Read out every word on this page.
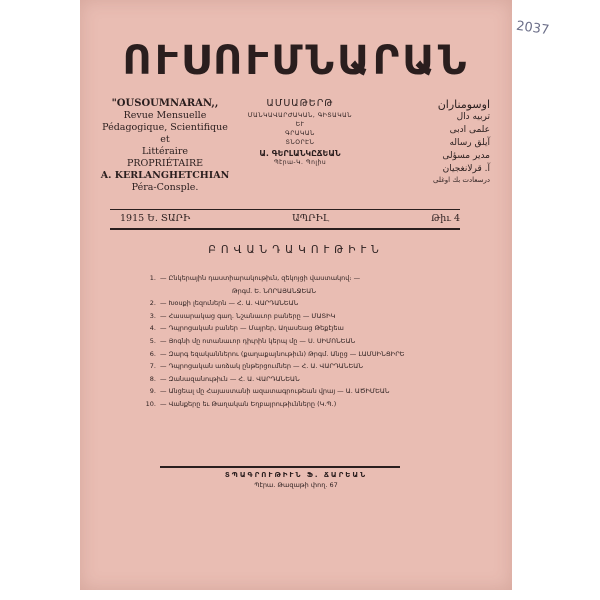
2037
ՈՒՍՈՒՄՆԱՐԱՆ
"OUSOUMNARAN,,
Revue Mensuelle
Pédagogique, Scientifique
et
Littéraire
PROPRIÉTAIRE
A. KERLANGHETCHIAN
Péra-Consple.
ԱՄՍԱԹԵՐԹ
ՄԱՆԿԱՎԱՐԺԱԿԱՆ, ԳԻՏԱԿԱՆ
ԵՒ
ԳՐԱԿԱՆ
ՏՆՕՐԷՆ
Ա. ԳԵՐԼԱՆԿԸՃԵԱՆ
Պէրա-Կ. Պոլիս
اوسومناران
تربیه دال
علمی ادبی
آیلق رساله
مدیر مسؤلی
آ. قرلانغجیان
درسعادت بك اوغلی
1915 Ե. ՏԱՐԻ	ԱՊՐԻԼ	Թիւ 4
ԲՈՎԱՆԴԱԿՈՒԹԻՒՆ
1. — Ընկերային դաստիարակութիւն, զեկոյցի վաստակով։ —
Թրգմ. Ե. ՆՈՐԱՅԱՆՋԵԱՆ
2. — Խօսքի լեզուներն — Հ. Ա. ՎԱՐԴԱՆԵԱՆ
3. — Հասարակաց գաղ. Նշանաւոր բաները — ՄԱՏԻԿ
4. — Դպրոցական բաներ — Մայրեր, Աղասեաց Թեքէյեա
5. — Յոգնի մը ոտանաւոր դիւրին կերպ մը — Ս. ՍԻՄՈՆԵԱՆ
6. — Զարգ եզականներու (քաղաքայնութիւն) Թրգմ. Անըց — ԼԱՄՍԻՆՑԻՐԵ
7. — Դպրոցական առձակ ընթերցումներ — Հ. Ա. ՎԱՐԴԱՆԵԱՆ
8. — Զանազանութիւն — Հ. Ա. ՎԱՐԴԱՆԵԱՆ
9. — Անցեալ մը Հայաստանի ազատագրութեան վրայ — Ա. ԱԾԻՄԵԱՆ
10. — Վանքերը եւ Թաղական Եղբայրութիւնները (Կ.Պ.)
ՏՊԱԳՐՈՒԹԻՒՆ Ֆ. ՃԱՐԵԱՆ
Պէրա. Թազաթի փող. 67
